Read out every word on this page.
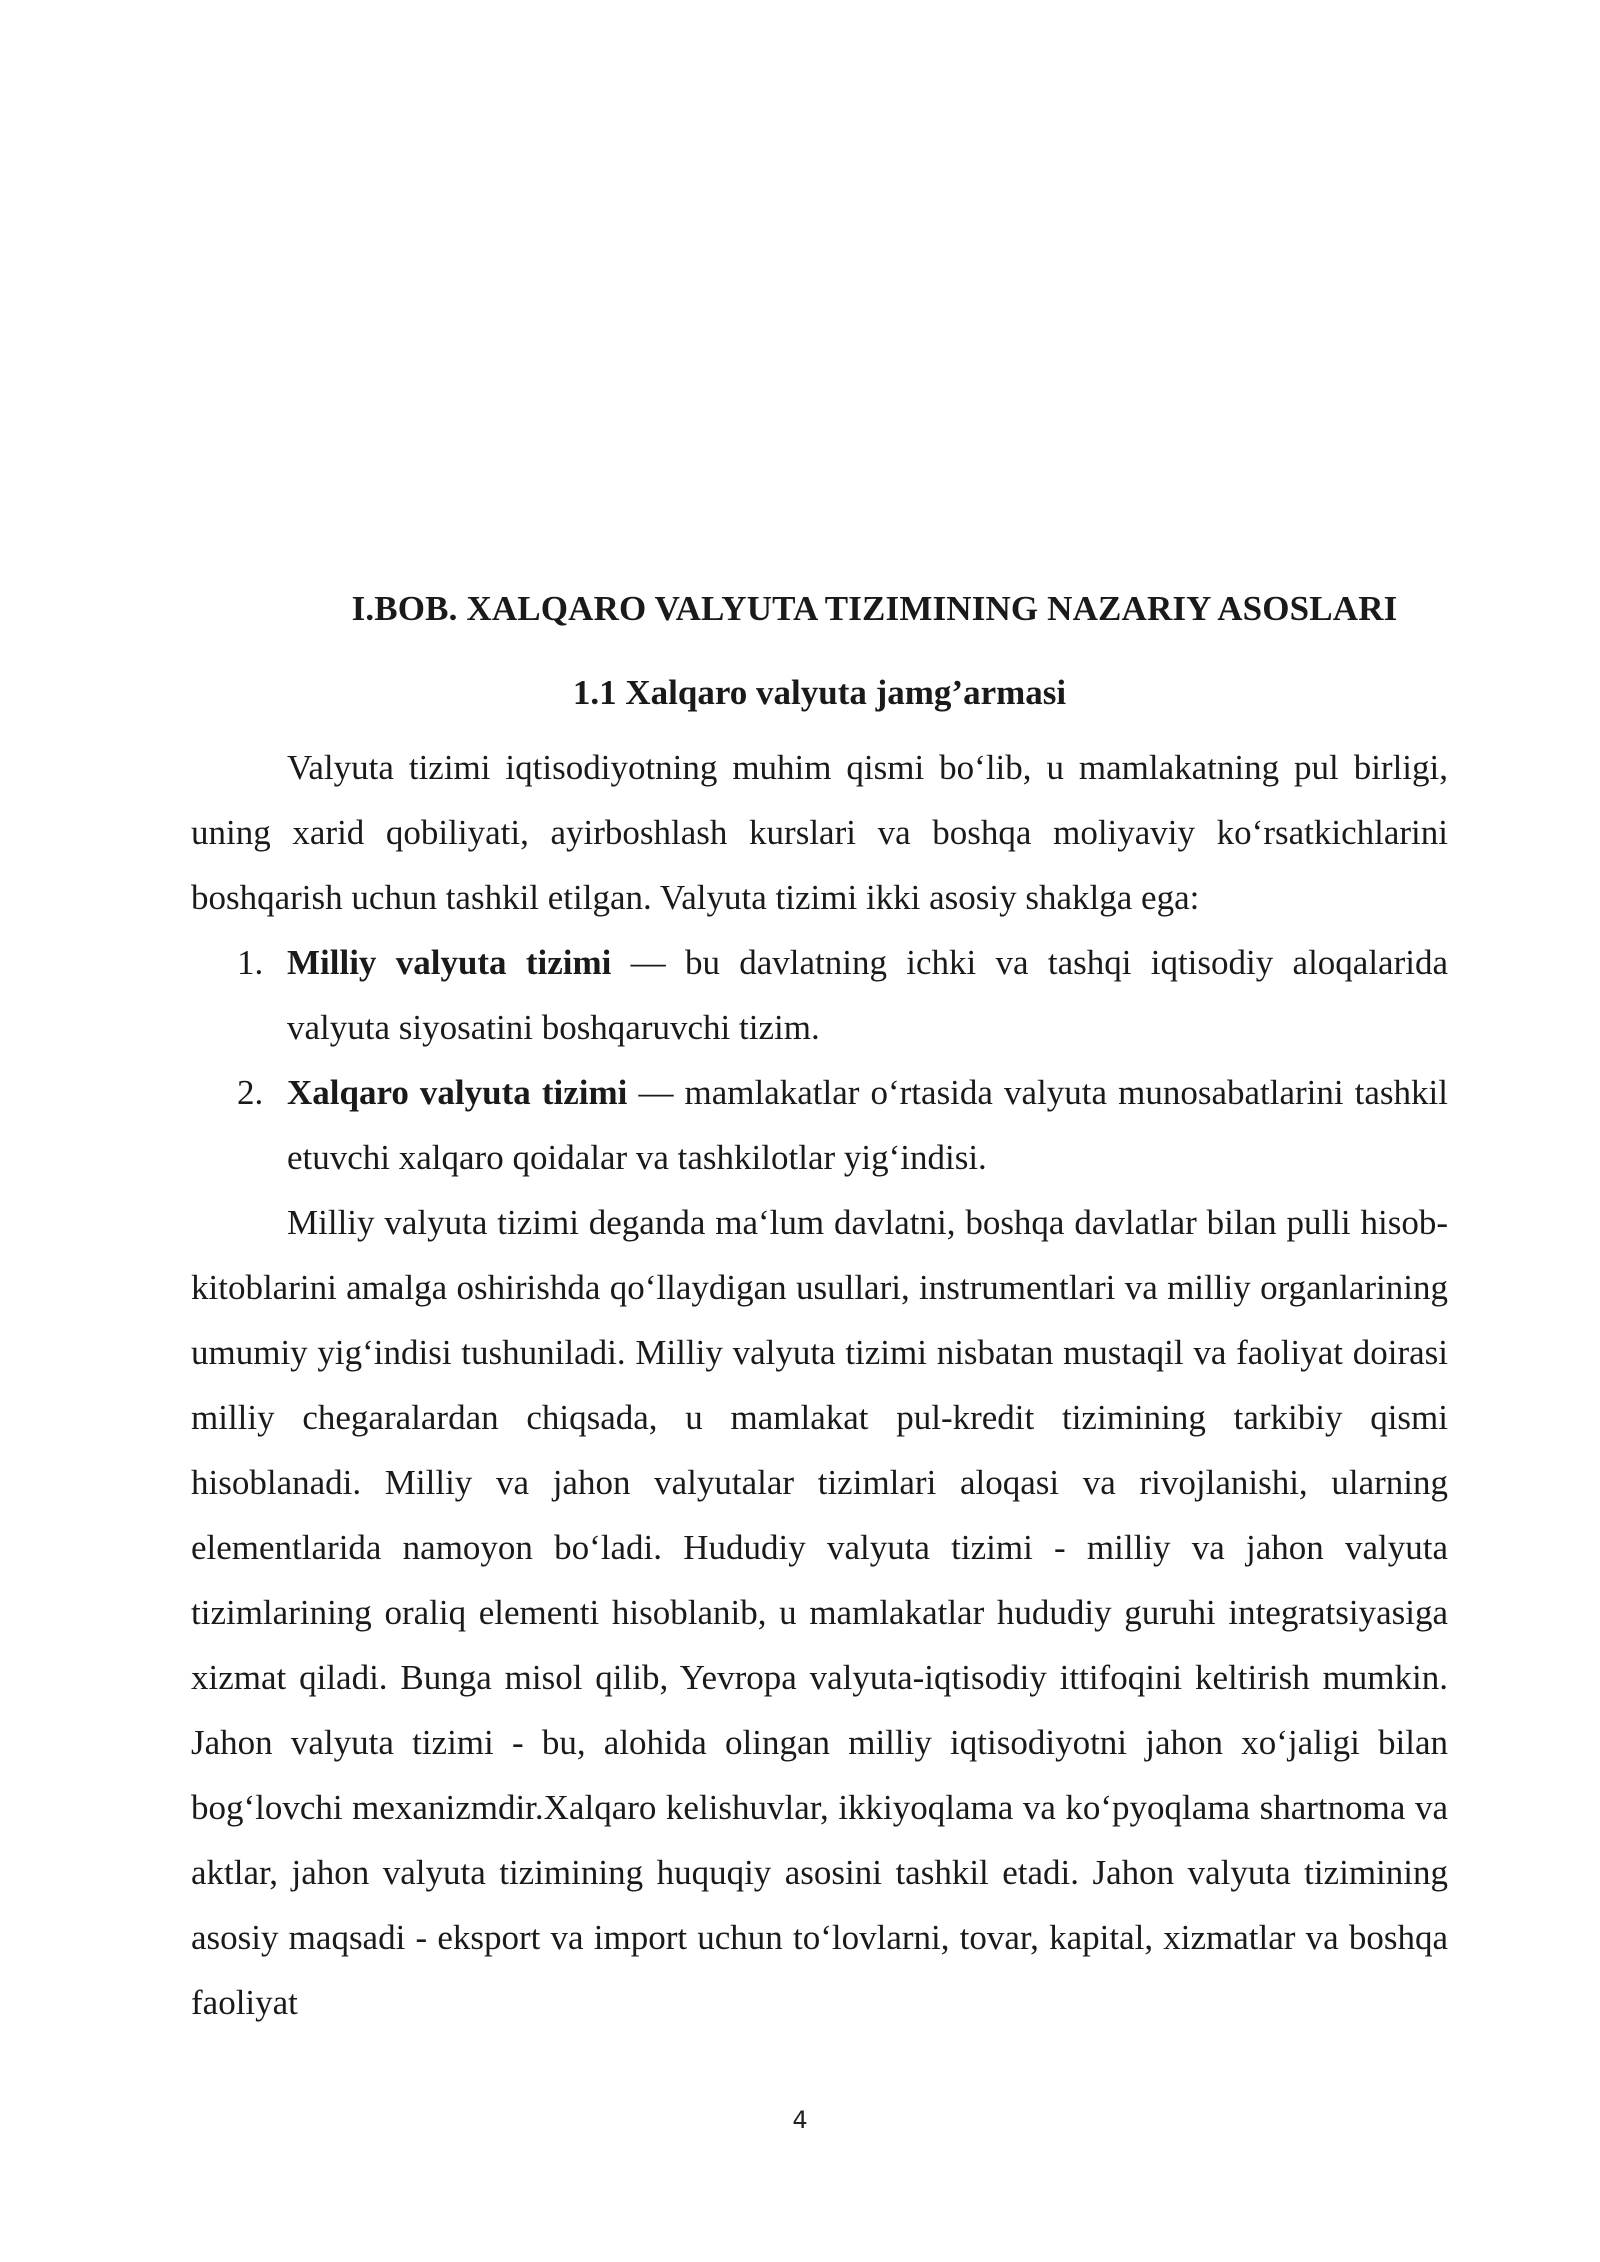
I.BOB. XALQARO VALYUTA TIZIMINING NAZARIY ASOSLARI
1.1 Xalqaro valyuta jamg’armasi

Valyuta tizimi iqtisodiyotning muhim qismi bo‘lib, u mamlakatning pul birligi, uning xarid qobiliyati, ayirboshlash kurslari va boshqa moliyaviy ko‘rsatkichlarini boshqarish uchun tashkil etilgan. Valyuta tizimi ikki asosiy shaklga ega:

1. Milliy valyuta tizimi — bu davlatning ichki va tashqi iqtisodiy aloqalarida valyuta siyosatini boshqaruvchi tizim.
2. Xalqaro valyuta tizimi — mamlakatlar o‘rtasida valyuta munosabatlarini tashkil etuvchi xalqaro qoidalar va tashkilotlar yig‘indisi.

Milliy valyuta tizimi deganda ma‘lum davlatni, boshqa davlatlar bilan pulli hisob-kitoblarini amalga oshirishda qo‘llaydigan usullari, instrumentlari va milliy organlarining umumiy yig‘indisi tushuniladi. Milliy valyuta tizimi nisbatan mustaqil va faoliyat doirasi milliy chegaralardan chiqsada, u mamlakat pul-kredit tizimining tarkibiy qismi hisoblanadi. Milliy va jahon valyutalar tizimlari aloqasi va rivojlanishi, ularning elementlarida namoyon bo‘ladi. Hududiy valyuta tizimi - milliy va jahon valyuta tizimlarining oraliq elementi hisoblanib, u mamlakatlar hududiy guruhi integratsiyasiga xizmat qiladi. Bunga misol qilib, Yevropa valyuta-iqtisodiy ittifoqini keltirish mumkin. Jahon valyuta tizimi - bu, alohida olingan milliy iqtisodiyotni jahon xo‘jaligi bilan bog‘lovchi mexanizmdir.Xalqaro kelishuvlar, ikkiyoqlama va ko‘pyoqlama shartnoma va aktlar, jahon valyuta tizimining huquqiy asosini tashkil etadi. Jahon valyuta tizimining asosiy maqsadi - eksport va import uchun to‘lovlarni, tovar, kapital, xizmatlar va boshqa faoliyat

4
